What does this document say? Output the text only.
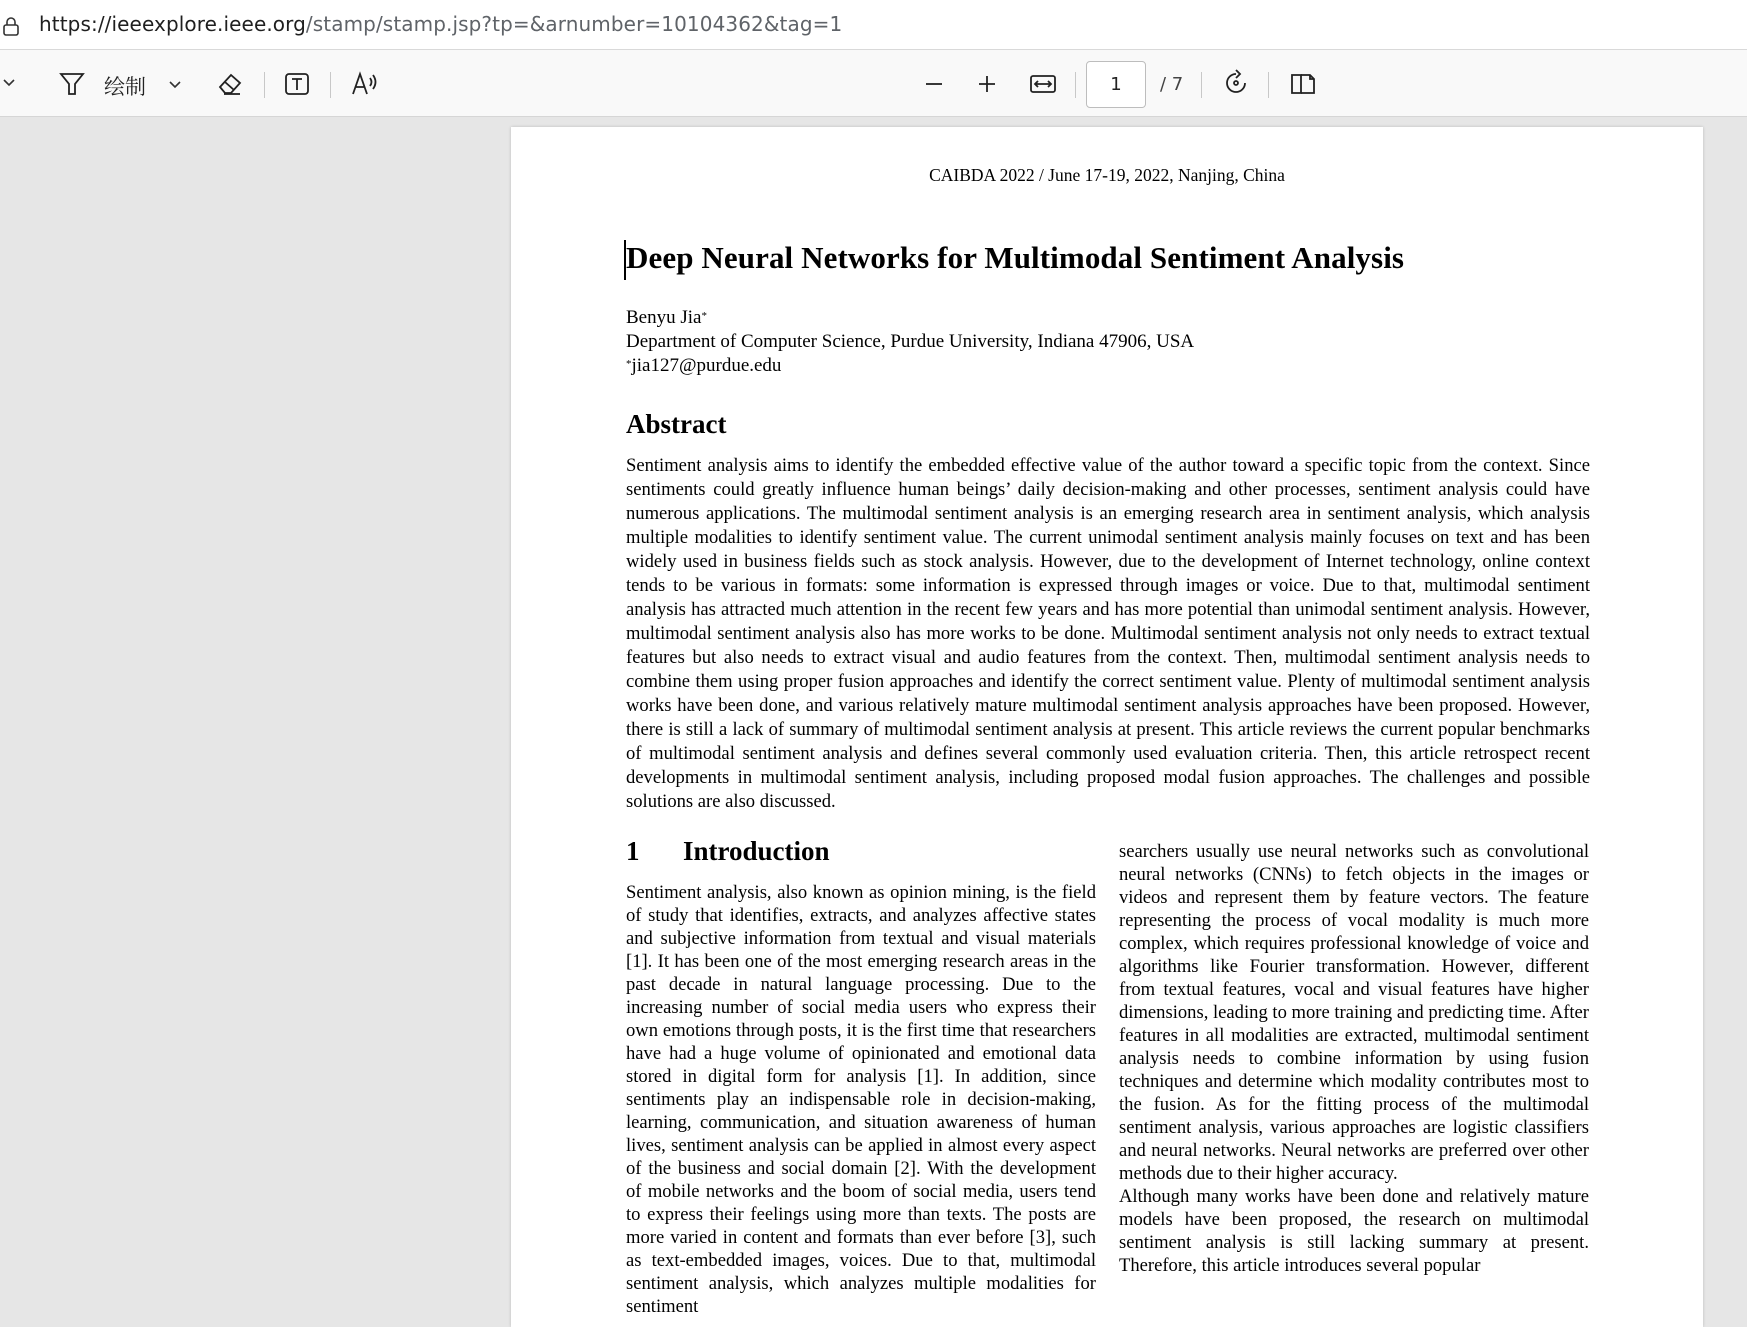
https://ieeexplore.ieee.org/stamp/stamp.jsp?tp=&arnumber=10104362&tag=1
绘制
1	/ 7
CAIBDA 2022 / June 17-19, 2022, Nanjing, China
Deep Neural Networks for Multimodal Sentiment Analysis
Benyu Jia*
Department of Computer Science, Purdue University, Indiana 47906, USA
*jia127@purdue.edu
Abstract

Sentiment analysis aims to identify the embedded effective value of the author toward a specific topic from the context. Since sentiments could greatly influence human beings’ daily decision-making and other processes, sentiment analysis could have numerous applications. The multimodal sentiment analysis is an emerging research area in sentiment analysis, which analysis multiple modalities to identify sentiment value. The current unimodal sentiment analysis mainly focuses on text and has been widely used in business fields such as stock analysis. However, due to the development of Internet technology, online context tends to be various in formats: some information is expressed through images or voice. Due to that, multimodal sentiment analysis has attracted much attention in the recent few years and has more potential than unimodal sentiment analysis. However, multimodal sentiment analysis also has more works to be done. Multimodal sentiment analysis not only needs to extract textual features but also needs to extract visual and audio features from the context. Then, multimodal sentiment analysis needs to combine them using proper fusion approaches and identify the correct sentiment value. Plenty of multimodal sentiment analysis works have been done, and various relatively mature multimodal sentiment analysis approaches have been proposed. However, there is still a lack of summary of multimodal sentiment analysis at present. This article reviews the current popular benchmarks of multimodal sentiment analysis and defines several commonly used evaluation criteria. Then, this article retrospect recent developments in multimodal sentiment analysis, including proposed modal fusion approaches. The challenges and possible solutions are also discussed.

1 Introduction

Sentiment analysis, also known as opinion mining, is the field of study that identifies, extracts, and analyzes affective states and subjective information from textual and visual materials [1]. It has been one of the most emerging research areas in the past decade in natural language processing. Due to the increasing number of social media users who express their own emotions through posts, it is the first time that researchers have had a huge volume of opinionated and emotional data stored in digital form for analysis [1]. In addition, since sentiments play an indispensable role in decision-making, learning, communication, and situation awareness of human lives, sentiment analysis can be applied in almost every aspect of the business and social domain [2]. With the development of mobile networks and the boom of social media, users tend to express their feelings using more than texts. The posts are more varied in content and formats than ever before [3], such as text-embedded images, voices. Due to that, multimodal sentiment analysis, which analyzes multiple modalities for sentiment

searchers usually use neural networks such as convolutional neural networks (CNNs) to fetch objects in the images or videos and represent them by feature vectors. The feature representing the process of vocal modality is much more complex, which requires professional knowledge of voice and algorithms like Fourier transformation. However, different from textual features, vocal and visual features have higher dimensions, leading to more training and predicting time. After features in all modalities are extracted, multimodal sentiment analysis needs to combine information by using fusion techniques and determine which modality contributes most to the fusion. As for the fitting process of the multimodal sentiment analysis, various approaches are logistic classifiers and neural networks. Neural networks are preferred over other methods due to their higher accuracy.

Although many works have been done and relatively mature models have been proposed, the research on multimodal sentiment analysis is still lacking summary at present. Therefore, this article introduces several popular
